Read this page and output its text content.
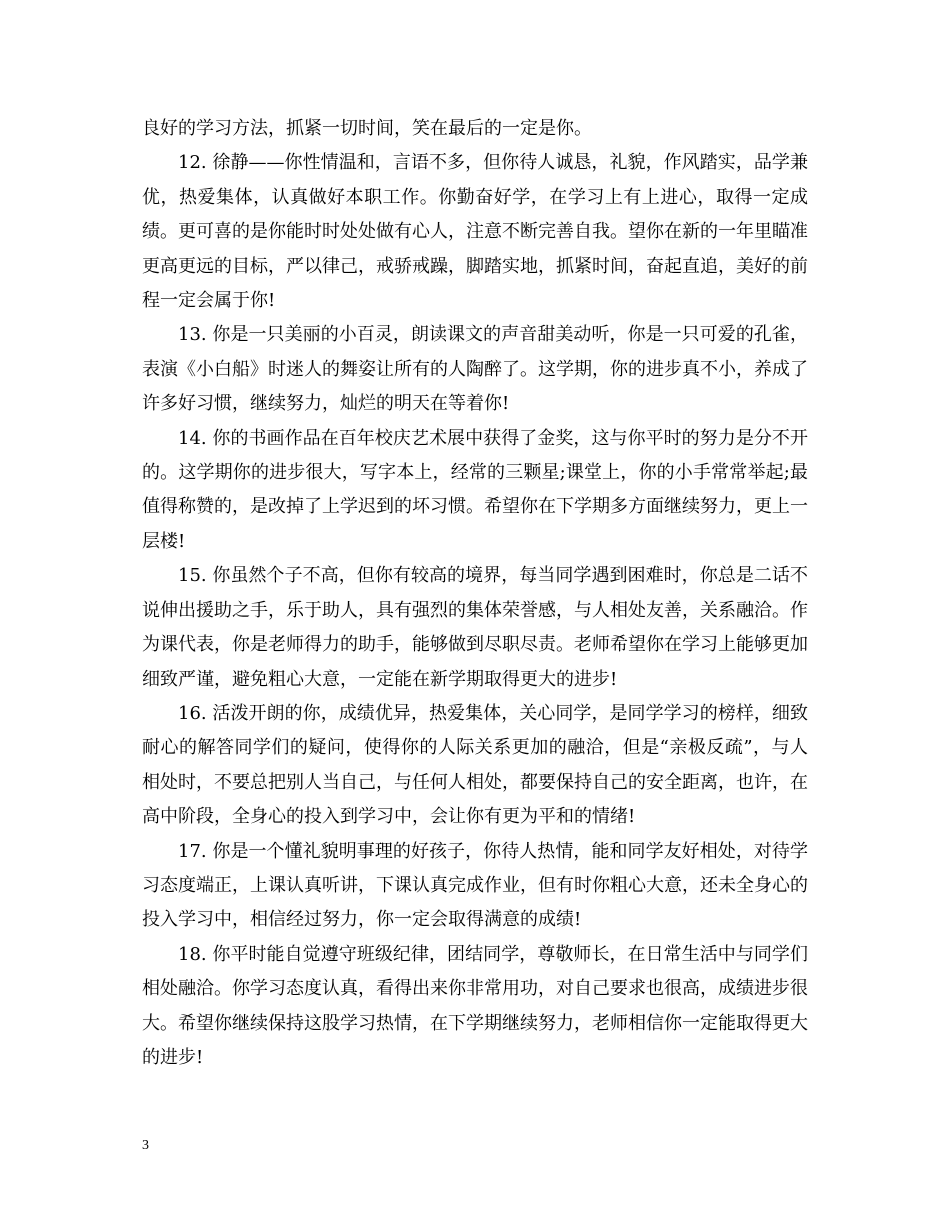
良好的学习方法，抓紧一切时间，笑在最后的一定是你。

12. 徐静——你性情温和，言语不多，但你待人诚恳，礼貌，作风踏实，品学兼优，热爱集体，认真做好本职工作。你勤奋好学，在学习上有上进心，取得一定成绩。更可喜的是你能时时处处做有心人，注意不断完善自我。望你在新的一年里瞄准更高更远的目标，严以律己，戒骄戒躁，脚踏实地，抓紧时间，奋起直追，美好的前程一定会属于你!

13. 你是一只美丽的小百灵，朗读课文的声音甜美动听，你是一只可爱的孔雀，表演《小白船》时迷人的舞姿让所有的人陶醉了。这学期，你的进步真不小，养成了许多好习惯，继续努力，灿烂的明天在等着你!

14. 你的书画作品在百年校庆艺术展中获得了金奖，这与你平时的努力是分不开的。这学期你的进步很大，写字本上，经常的三颗星;课堂上，你的小手常常举起;最值得称赞的，是改掉了上学迟到的坏习惯。希望你在下学期多方面继续努力，更上一层楼!

15. 你虽然个子不高，但你有较高的境界，每当同学遇到困难时，你总是二话不说伸出援助之手，乐于助人，具有强烈的集体荣誉感，与人相处友善，关系融洽。作为课代表，你是老师得力的助手，能够做到尽职尽责。老师希望你在学习上能够更加细致严谨，避免粗心大意，一定能在新学期取得更大的进步!

16. 活泼开朗的你，成绩优异，热爱集体，关心同学，是同学学习的榜样，细致耐心的解答同学们的疑问，使得你的人际关系更加的融洽，但是“亲极反疏”，与人相处时，不要总把别人当自己，与任何人相处，都要保持自己的安全距离，也许，在高中阶段，全身心的投入到学习中，会让你有更为平和的情绪!

17. 你是一个懂礼貌明事理的好孩子，你待人热情，能和同学友好相处，对待学习态度端正，上课认真听讲，下课认真完成作业，但有时你粗心大意，还未全身心的投入学习中，相信经过努力，你一定会取得满意的成绩!

18. 你平时能自觉遵守班级纪律，团结同学，尊敬师长，在日常生活中与同学们相处融洽。你学习态度认真，看得出来你非常用功，对自己要求也很高，成绩进步很大。希望你继续保持这股学习热情，在下学期继续努力，老师相信你一定能取得更大的进步!

3
